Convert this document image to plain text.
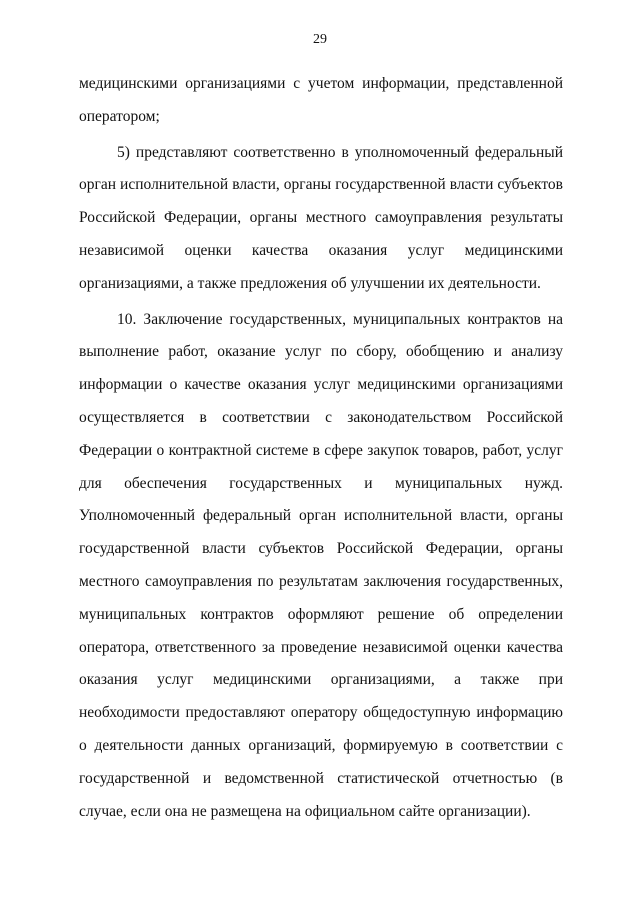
29

медицинскими организациями с учетом информации, представленной оператором;

5) представляют соответственно в уполномоченный федеральный орган исполнительной власти, органы государственной власти субъектов Российской Федерации, органы местного самоуправления результаты независимой оценки качества оказания услуг медицинскими организациями, а также предложения об улучшении их деятельности.

10. Заключение государственных, муниципальных контрактов на выполнение работ, оказание услуг по сбору, обобщению и анализу информации о качестве оказания услуг медицинскими организациями осуществляется в соответствии с законодательством Российской Федерации о контрактной системе в сфере закупок товаров, работ, услуг для обеспечения государственных и муниципальных нужд. Уполномоченный федеральный орган исполнительной власти, органы государственной власти субъектов Российской Федерации, органы местного самоуправления по результатам заключения государственных, муниципальных контрактов оформляют решение об определении оператора, ответственного за проведение независимой оценки качества оказания услуг медицинскими организациями, а также при необходимости предоставляют оператору общедоступную информацию о деятельности данных организаций, формируемую в соответствии с государственной и ведомственной статистической отчетностью (в случае, если она не размещена на официальном сайте организации).
